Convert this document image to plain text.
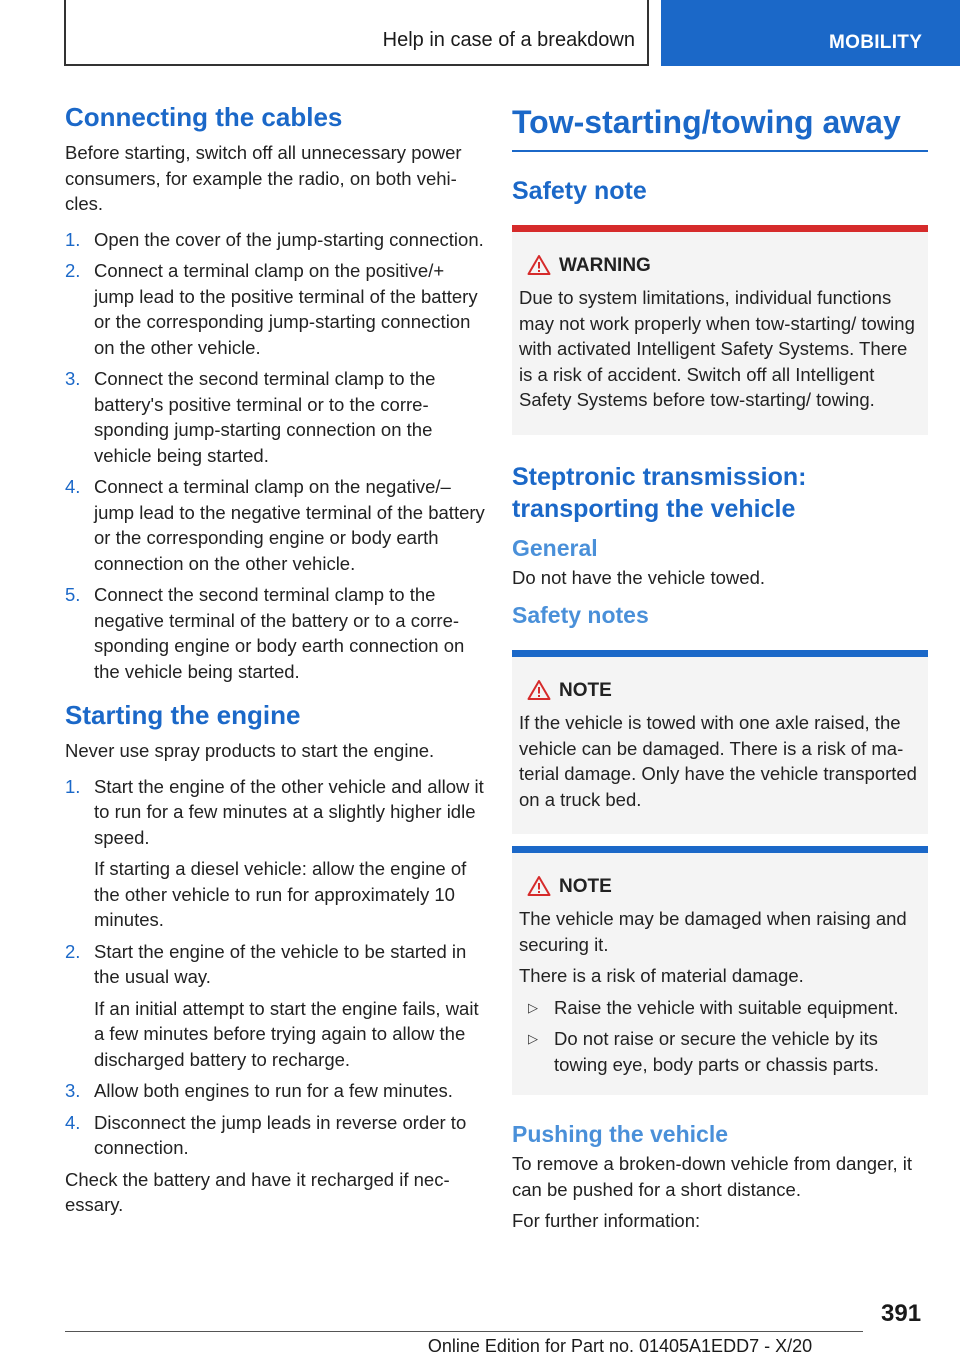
Help in case of a breakdown	MOBILITY
Connecting the cables

Before starting, switch off all unnecessary power consumers, for example the radio, on both vehicles.

1. Open the cover of the jump-starting connection.
2. Connect a terminal clamp on the positive/+ jump lead to the positive terminal of the battery or the corresponding jump-starting connection on the other vehicle.
3. Connect the second terminal clamp to the battery's positive terminal or to the corresponding jump-starting connection on the vehicle being started.
4. Connect a terminal clamp on the negative/– jump lead to the negative terminal of the battery or the corresponding engine or body earth connection on the other vehicle.
5. Connect the second terminal clamp to the negative terminal of the battery or to a corresponding engine or body earth connection on the vehicle being started.
Starting the engine

Never use spray products to start the engine.

1. Start the engine of the other vehicle and allow it to run for a few minutes at a slightly higher idle speed.
If starting a diesel vehicle: allow the engine of the other vehicle to run for approximately 10 minutes.
2. Start the engine of the vehicle to be started in the usual way.
If an initial attempt to start the engine fails, wait a few minutes before trying again to allow the discharged battery to recharge.
3. Allow both engines to run for a few minutes.
4. Disconnect the jump leads in reverse order to connection.

Check the battery and have it recharged if necessary.

Tow-starting/towing away
Safety note
WARNING

Due to system limitations, individual functions may not work properly when tow-starting/ towing with activated Intelligent Safety Systems. There is a risk of accident. Switch off all Intelligent Safety Systems before tow-starting/ towing.

Steptronic transmission: transporting the vehicle
General

Do not have the vehicle towed.

Safety notes
NOTE

If the vehicle is towed with one axle raised, the vehicle can be damaged. There is a risk of material damage. Only have the vehicle transported on a truck bed.

NOTE

The vehicle may be damaged when raising and securing it.

There is a risk of material damage.

▷ Raise the vehicle with suitable equipment.
▷ Do not raise or secure the vehicle by its towing eye, body parts or chassis parts.
Pushing the vehicle

To remove a broken-down vehicle from danger, it can be pushed for a short distance.

For further information:

391
Online Edition for Part no. 01405A1EDD7 - X/20
